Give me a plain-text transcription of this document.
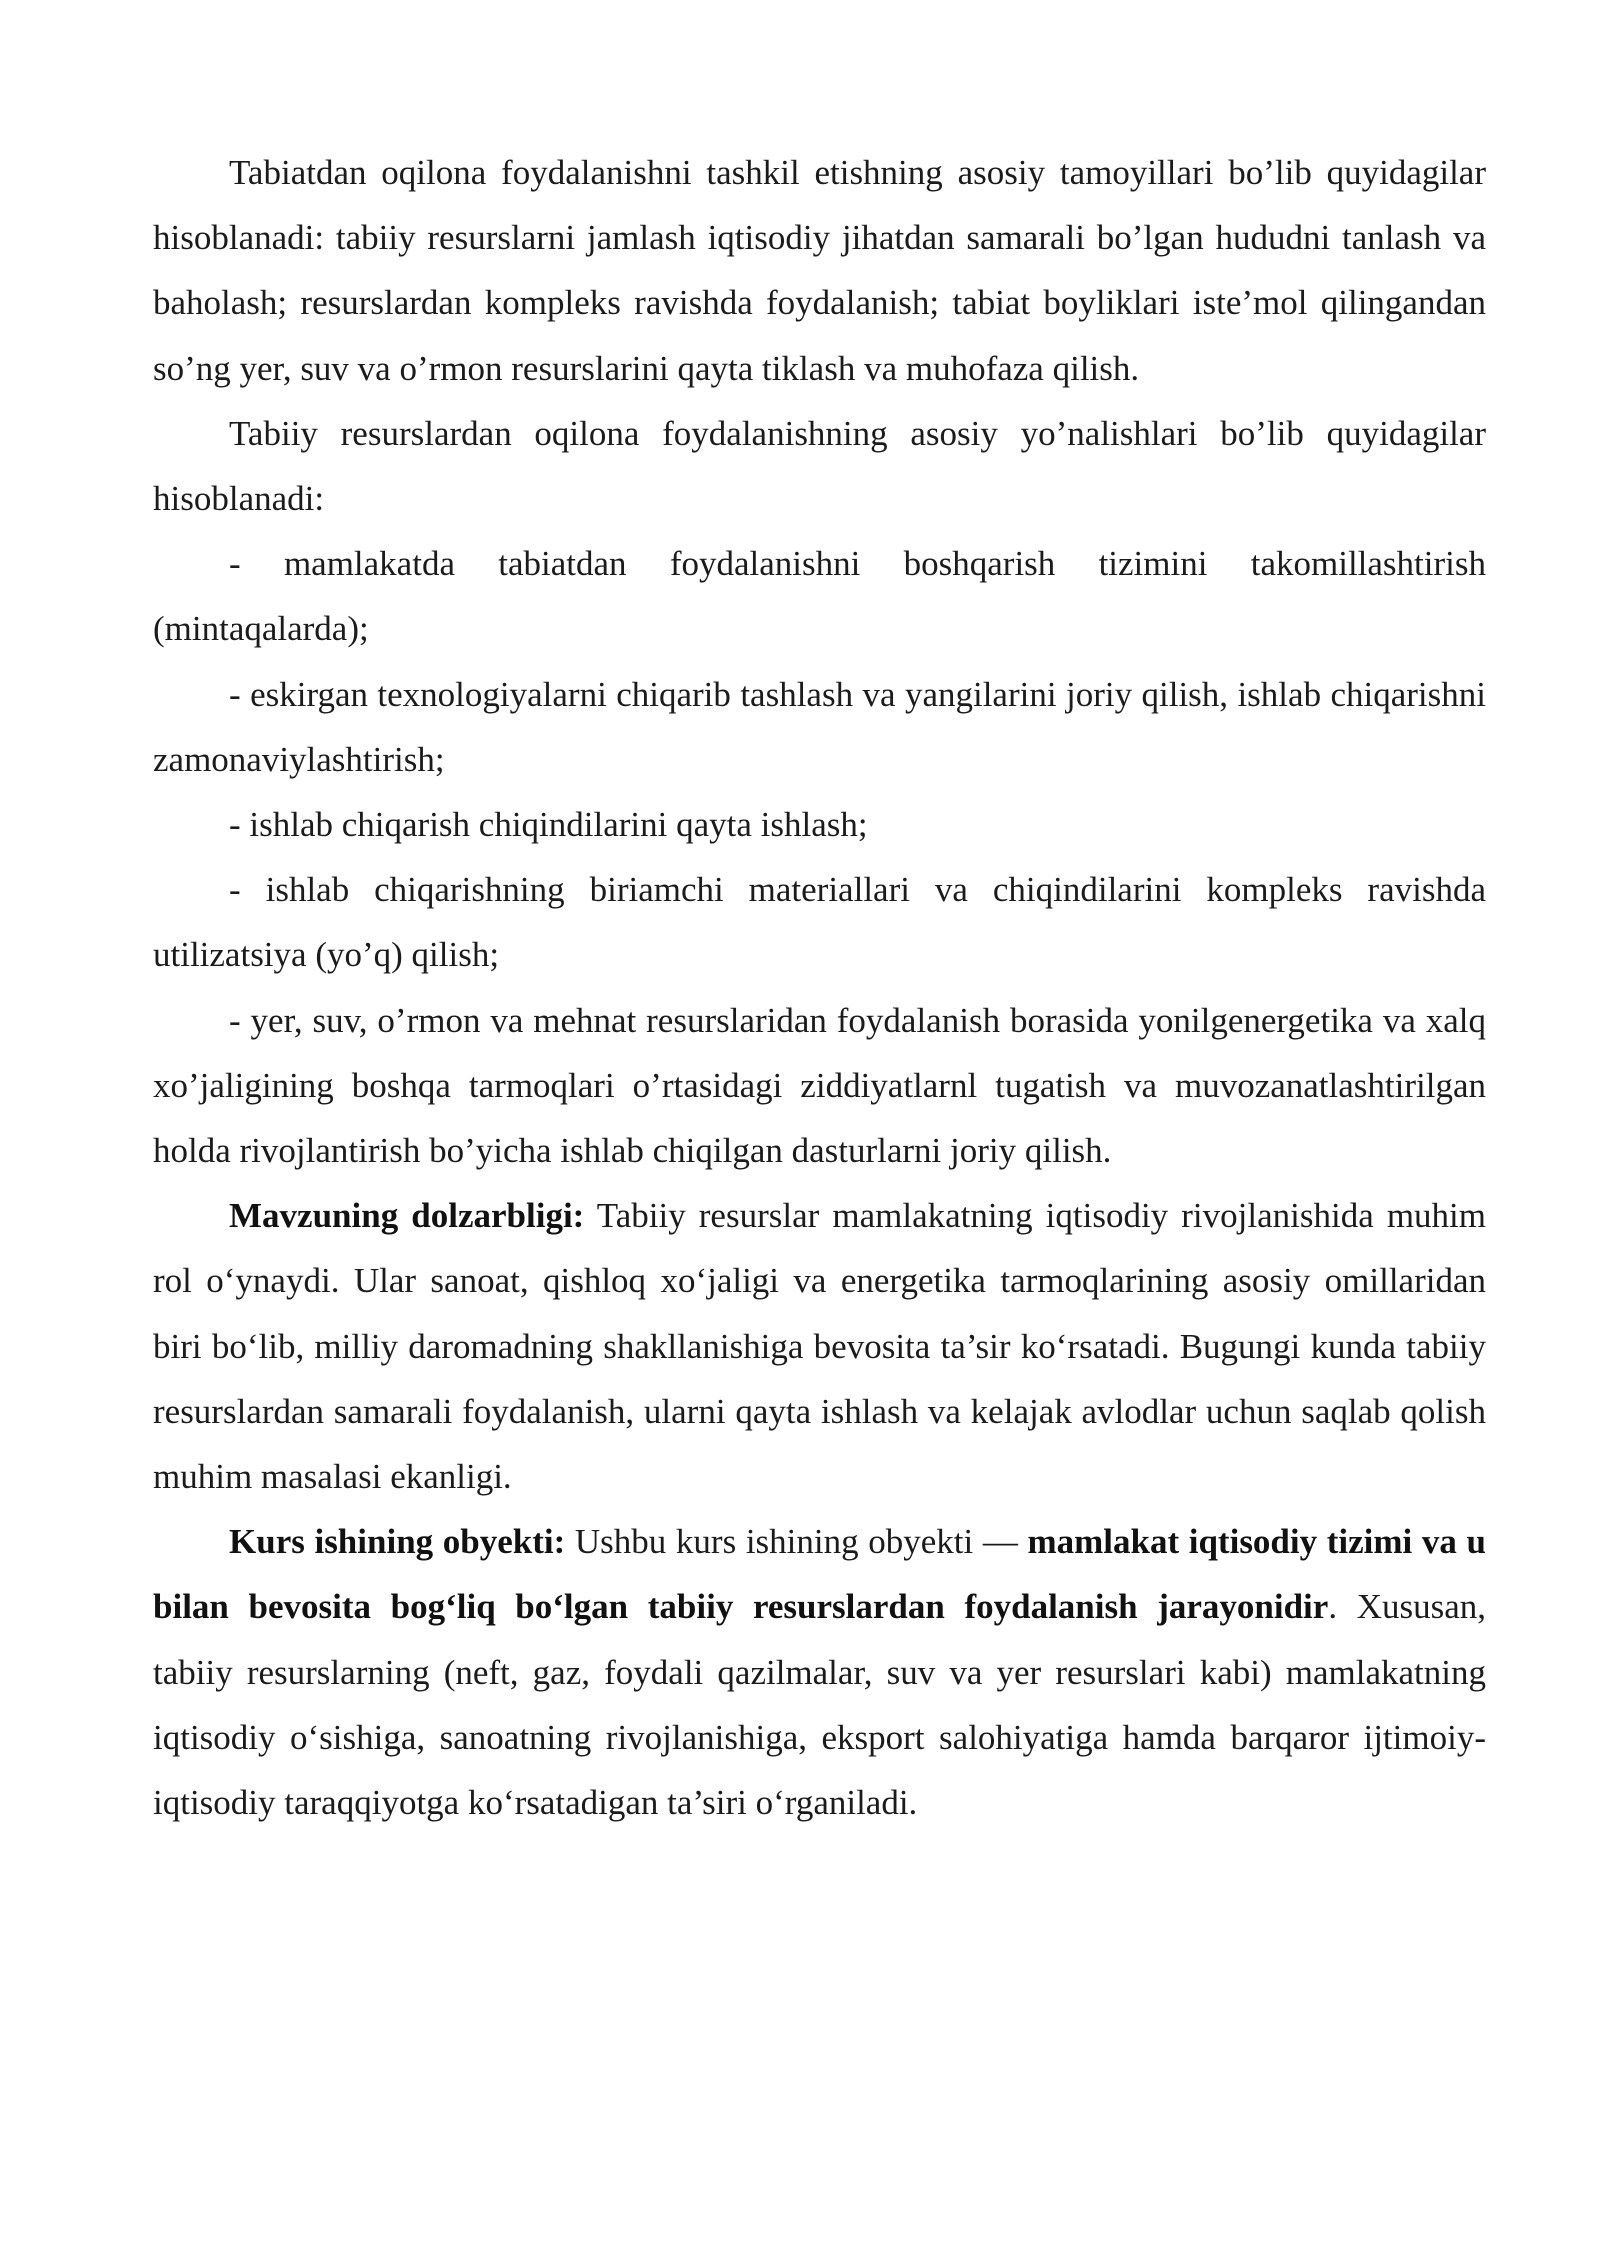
Tabiatdan oqilona foydalanishni tashkil etishning asosiy tamoyillari bo’lib quyidagilar hisoblanadi: tabiiy resurslarni jamlash iqtisodiy jihatdan samarali bo’lgan hududni tanlash va baholash; resurslardan kompleks ravishda foydalanish; tabiat boyliklari iste’mol qilingandan so’ng yer, suv va o’rmon resurslarini qayta tiklash va muhofaza qilish.

Tabiiy resurslardan oqilona foydalanishning asosiy yo’nalishlari bo’lib quyidagilar hisoblanadi:

- mamlakatda tabiatdan foydalanishni boshqarish tizimini takomillashtirish (mintaqalarda);

- eskirgan texnologiyalarni chiqarib tashlash va yangilarini joriy qilish, ishlab chiqarishni zamonaviylashtirish;

- ishlab chiqarish chiqindilarini qayta ishlash;

- ishlab chiqarishning biriamchi materiallari va chiqindilarini kompleks ravishda utilizatsiya (yo’q) qilish;

- yer, suv, o’rmon va mehnat resurslaridan foydalanish borasida yonilgenergetika va xalq xo’jaligining boshqa tarmoqlari o’rtasidagi ziddiyatlarnl tugatish va muvozanatlashtirilgan holda rivojlantirish bo’yicha ishlab chiqilgan dasturlarni joriy qilish.

Mavzuning dolzarbligi: Tabiiy resurslar mamlakatning iqtisodiy rivojlanishida muhim rol o‘ynaydi. Ular sanoat, qishloq xo‘jaligi va energetika tarmoqlarining asosiy omillaridan biri bo‘lib, milliy daromadning shakllanishiga bevosita ta’sir ko‘rsatadi. Bugungi kunda tabiiy resurslardan samarali foydalanish, ularni qayta ishlash va kelajak avlodlar uchun saqlab qolish muhim masalasi ekanligi.

Kurs ishining obyekti: Ushbu kurs ishining obyekti — mamlakat iqtisodiy tizimi va u bilan bevosita bog‘liq bo‘lgan tabiiy resurslardan foydalanish jarayonidir. Xususan, tabiiy resurslarning (neft, gaz, foydali qazilmalar, suv va yer resurslari kabi) mamlakatning iqtisodiy o‘sishiga, sanoatning rivojlanishiga, eksport salohiyatiga hamda barqaror ijtimoiy-iqtisodiy taraqqiyotga ko‘rsatadigan ta’siri o‘rganiladi.
